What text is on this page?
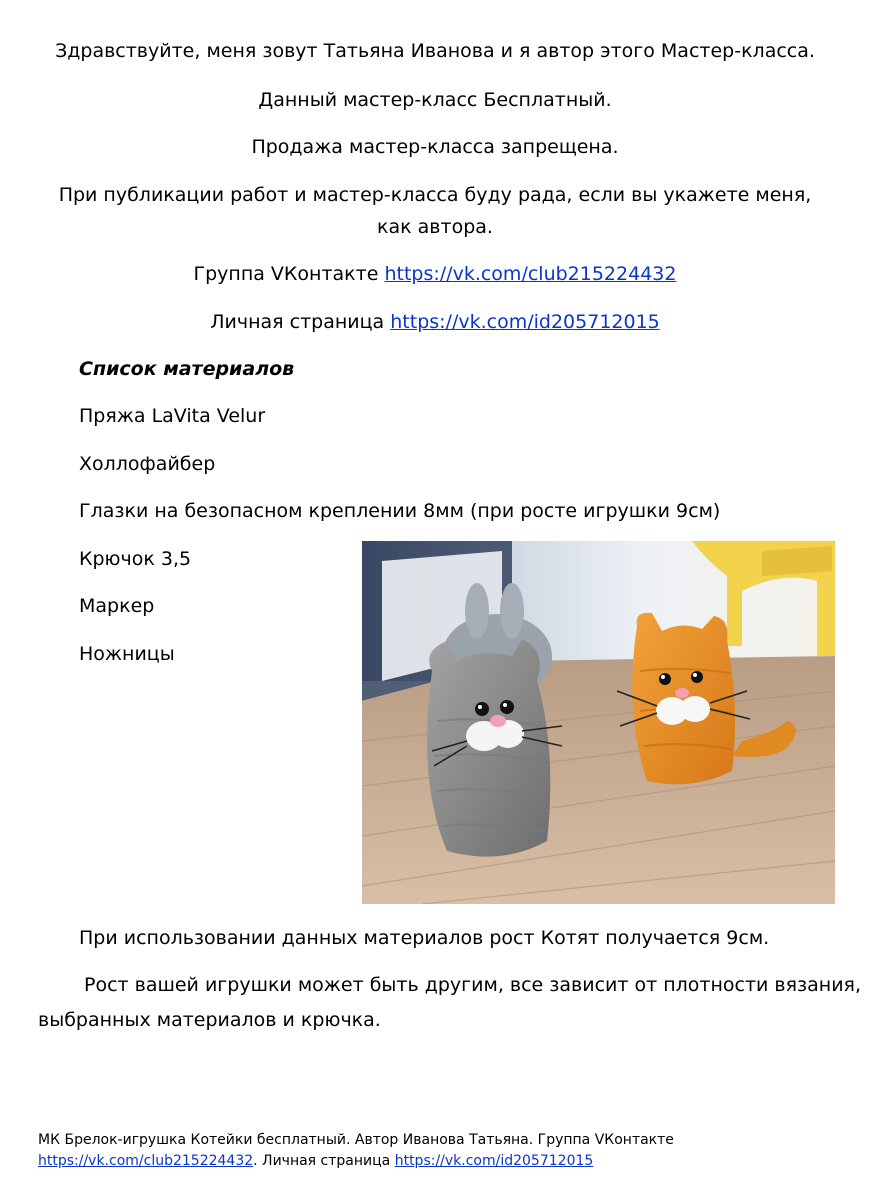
Здравствуйте, меня зовут Татьяна Иванова и я автор этого Мастер-класса.
Данный мастер-класс Бесплатный.
Продажа мастер-класса запрещена.
При публикации работ и мастер-класса буду рада, если вы укажете меня,
как автора.
Группа VКонтакте https://vk.com/club215224432
Личная страница https://vk.com/id205712015
Список материалов
Пряжа LaVita Velur
Холлофайбер
Глазки на безопасном креплении 8мм (при росте игрушки 9см)
Крючок 3,5
Маркер
Ножницы
При использовании данных материалов рост Котят получается 9см.
Рост вашей игрушки может быть другим, все зависит от плотности вязания,
выбранных материалов и крючка.
МК Брелок-игрушка Котейки бесплатный. Автор Иванова Татьяна. Группа VКонтакте
https://vk.com/club215224432. Личная страница https://vk.com/id205712015
